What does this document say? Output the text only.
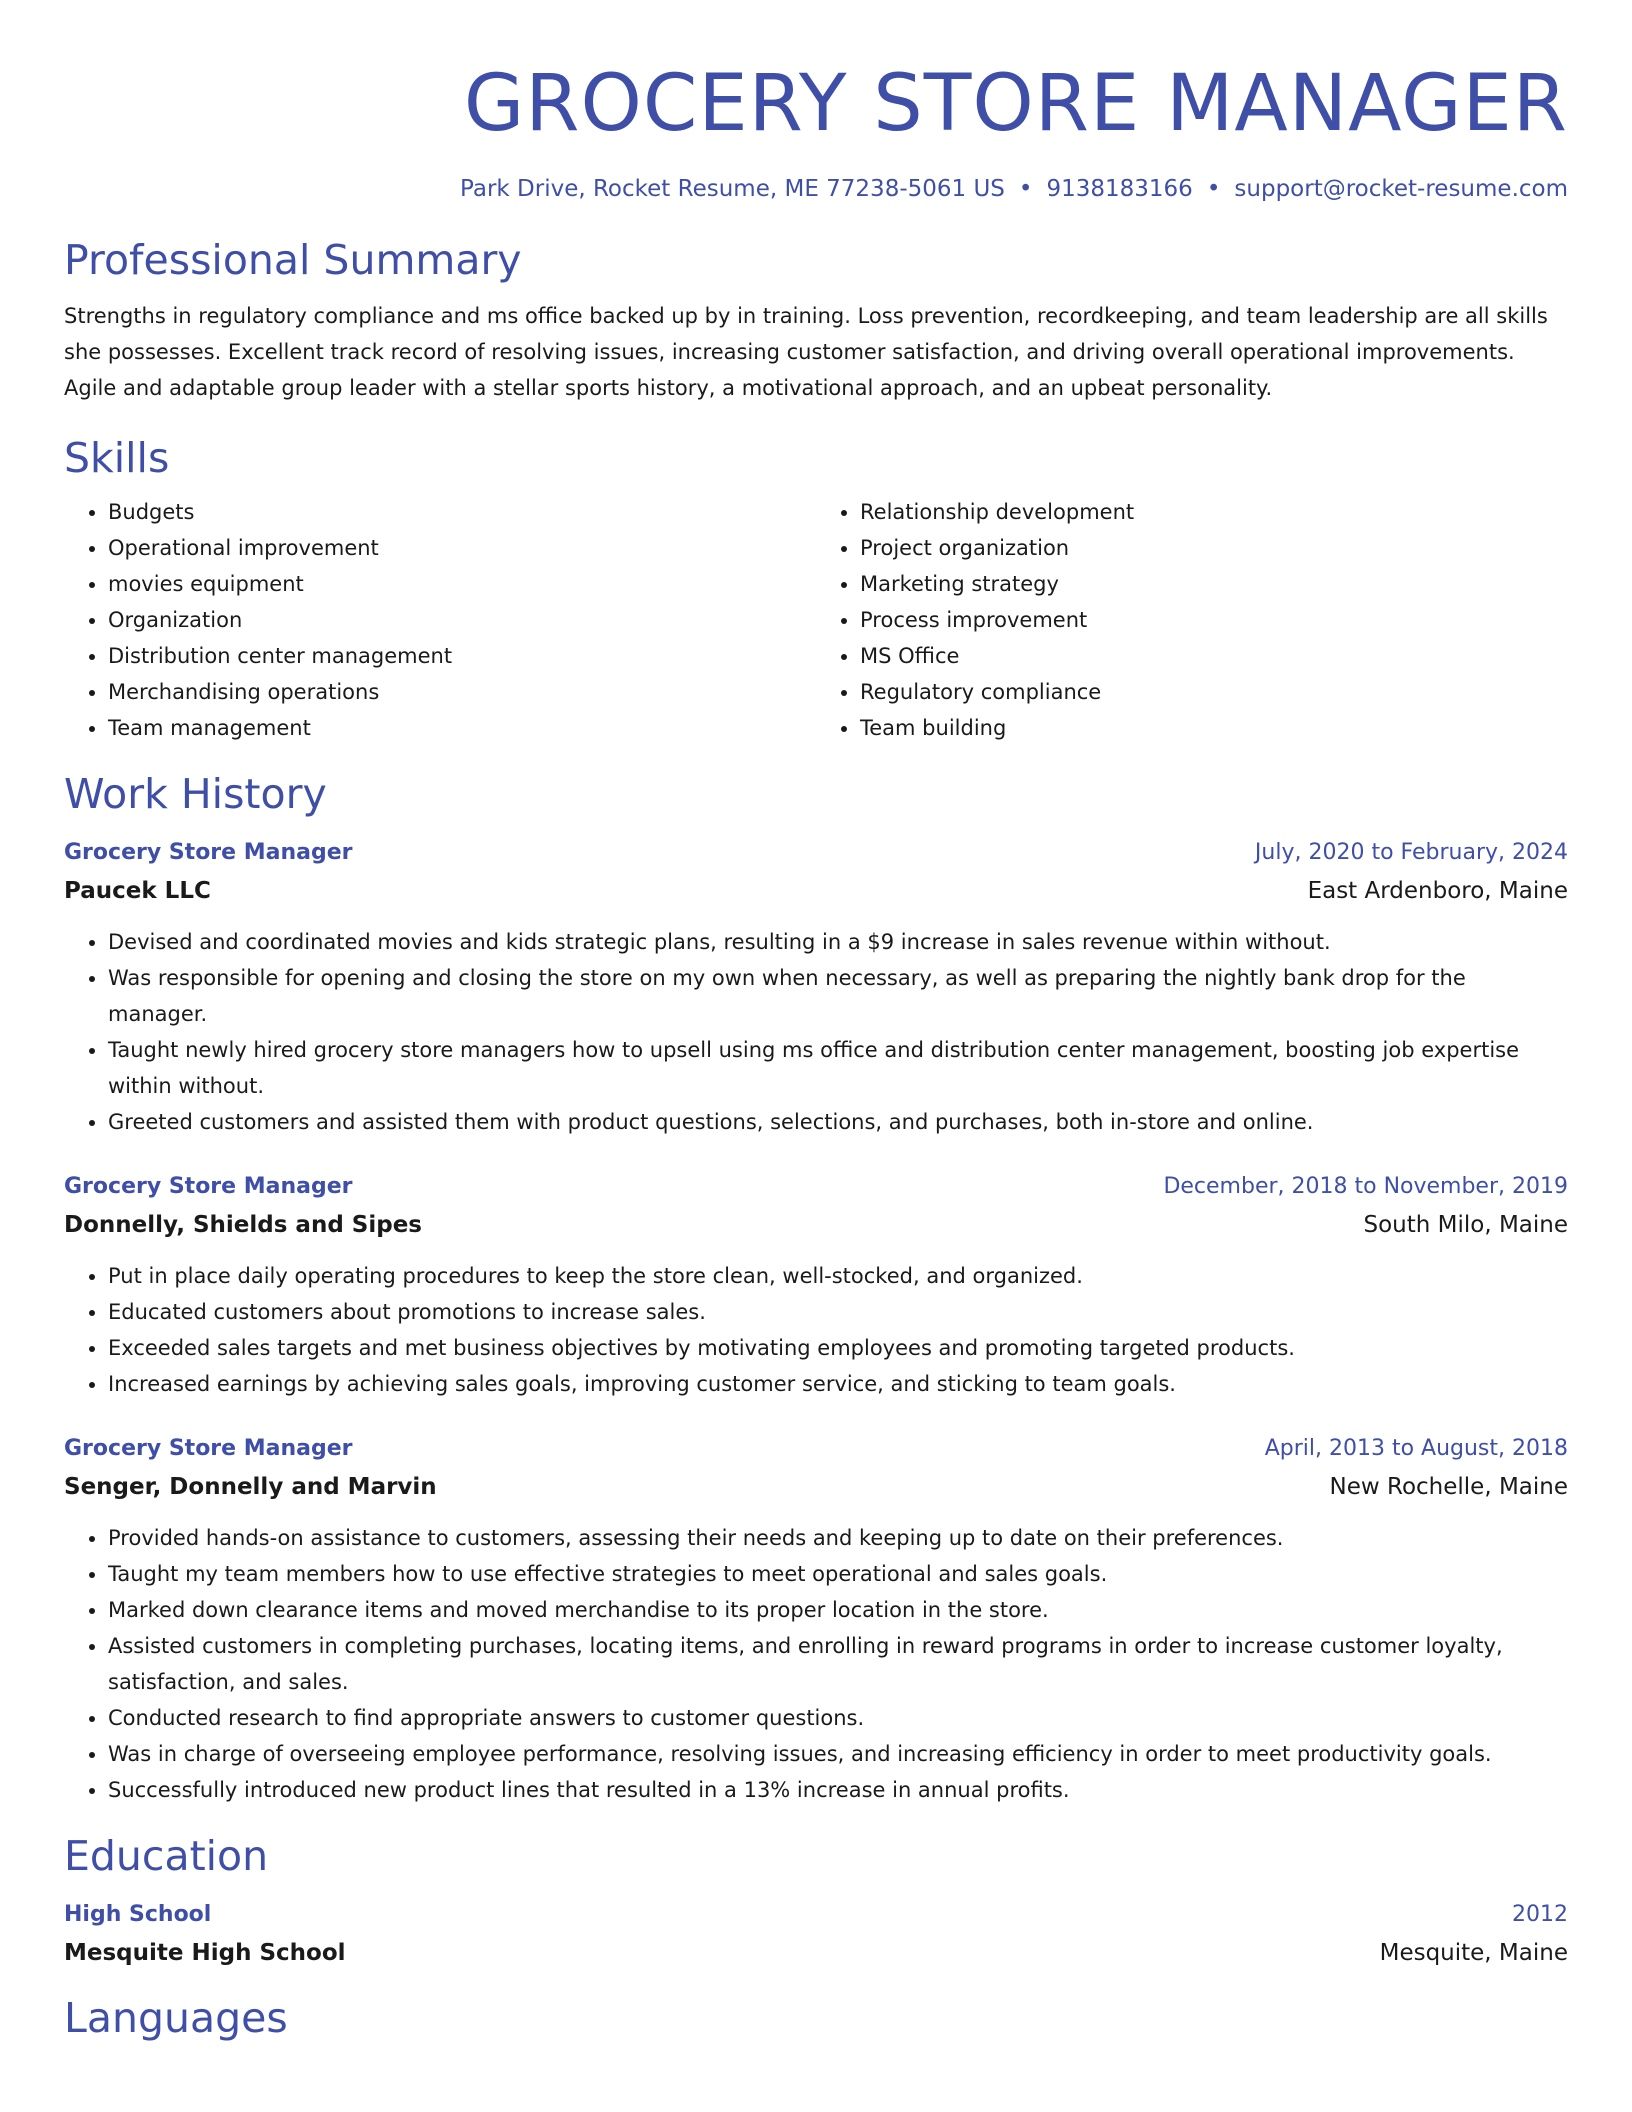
GROCERY STORE MANAGER
Park Drive, Rocket Resume, ME 77238-5061 US • 9138183166 • support@rocket-resume.com
Professional Summary

Strengths in regulatory compliance and ms office backed up by in training. Loss prevention, recordkeeping, and team leadership are all skills she possesses. Excellent track record of resolving issues, increasing customer satisfaction, and driving overall operational improvements. Agile and adaptable group leader with a stellar sports history, a motivational approach, and an upbeat personality.

Skills
• Budgets
• Operational improvement
• movies equipment
• Organization
• Distribution center management
• Merchandising operations
• Team management
• Relationship development
• Project organization
• Marketing strategy
• Process improvement
• MS Office
• Regulatory compliance
• Team building
Work History
Grocery Store Manager	July, 2020 to February, 2024
Paucek LLC	East Ardenboro, Maine
• Devised and coordinated movies and kids strategic plans, resulting in a $9 increase in sales revenue within without.
• Was responsible for opening and closing the store on my own when necessary, as well as preparing the nightly bank drop for the manager.
• Taught newly hired grocery store managers how to upsell using ms office and distribution center management, boosting job expertise within without.
• Greeted customers and assisted them with product questions, selections, and purchases, both in-store and online.
Grocery Store Manager	December, 2018 to November, 2019
Donnelly, Shields and Sipes	South Milo, Maine
• Put in place daily operating procedures to keep the store clean, well-stocked, and organized.
• Educated customers about promotions to increase sales.
• Exceeded sales targets and met business objectives by motivating employees and promoting targeted products.
• Increased earnings by achieving sales goals, improving customer service, and sticking to team goals.
Grocery Store Manager	April, 2013 to August, 2018
Senger, Donnelly and Marvin	New Rochelle, Maine
• Provided hands-on assistance to customers, assessing their needs and keeping up to date on their preferences.
• Taught my team members how to use effective strategies to meet operational and sales goals.
• Marked down clearance items and moved merchandise to its proper location in the store.
• Assisted customers in completing purchases, locating items, and enrolling in reward programs in order to increase customer loyalty, satisfaction, and sales.
• Conducted research to find appropriate answers to customer questions.
• Was in charge of overseeing employee performance, resolving issues, and increasing efficiency in order to meet productivity goals.
• Successfully introduced new product lines that resulted in a 13% increase in annual profits.
Education
High School	2012
Mesquite High School	Mesquite, Maine
Languages
